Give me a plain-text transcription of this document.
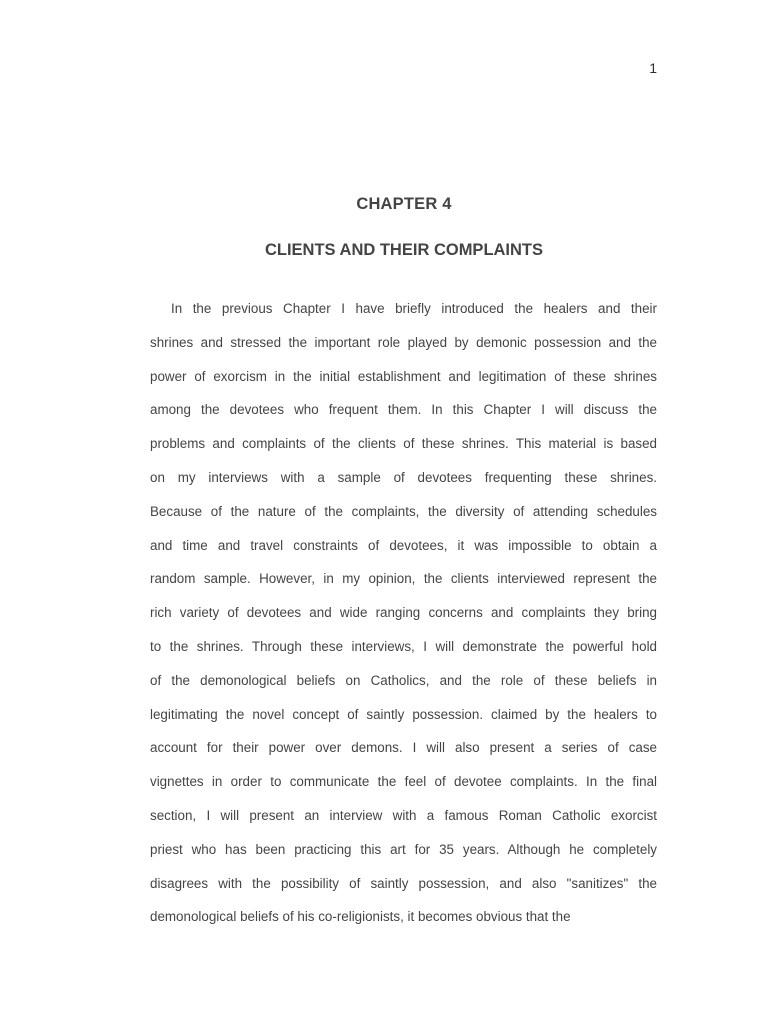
1
CHAPTER 4
CLIENTS AND THEIR COMPLAINTS
In the previous Chapter I have briefly introduced the healers and their
shrines and stressed the important role played by demonic possession and the
power of exorcism in the initial establishment and legitimation of these shrines
among the devotees who frequent them. In this Chapter I will discuss the
problems and complaints of the clients of these shrines. This material is based
on my interviews with a sample of devotees frequenting these shrines.
Because of the nature of the complaints, the diversity of attending schedules
and time and travel constraints of devotees, it was impossible to obtain a
random sample. However, in my opinion, the clients interviewed represent the
rich variety of devotees and wide ranging concerns and complaints they bring
to the shrines. Through these interviews, I will demonstrate the powerful hold
of the demonological beliefs on Catholics, and the role of these beliefs in
legitimating the novel concept of saintly possession. claimed by the healers to
account for their power over demons. I will also present a series of case
vignettes in order to communicate the feel of devotee complaints. In the final
section, I will present an interview with a famous Roman Catholic exorcist
priest who has been practicing this art for 35 years. Although he completely
disagrees with the possibility of saintly possession, and also "sanitizes" the
demonological beliefs of his co-religionists, it becomes obvious that the
